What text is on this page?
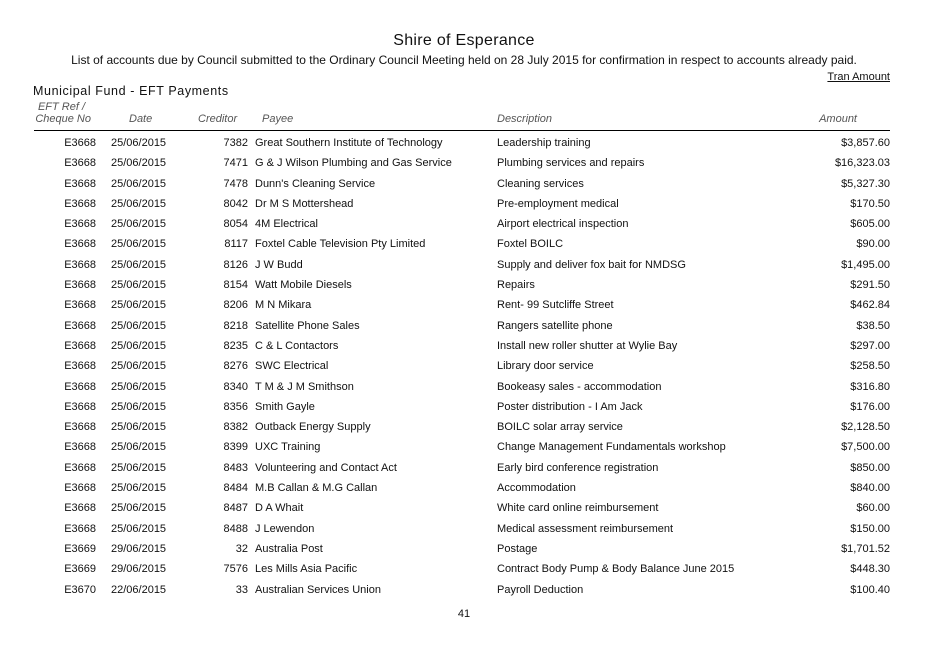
Shire of Esperance
List of accounts due by Council submitted to the Ordinary Council Meeting held on 28 July 2015 for confirmation in respect to accounts already paid.
Tran Amount
Municipal Fund - EFT Payments
EFT Ref /
Cheque No	Date	Creditor Payee	Description	Amount
E3668 25/06/2015	7382 Great Southern Institute of Technology	Leadership training	$3,857.60
E3668 25/06/2015	7471 G & J Wilson Plumbing and Gas Service	Plumbing services and repairs	$16,323.03
E3668 25/06/2015	7478 Dunn's Cleaning Service	Cleaning services	$5,327.30
E3668 25/06/2015	8042 Dr M S Mottershead	Pre-employment medical	$170.50
E3668 25/06/2015	8054 4M Electrical	Airport electrical inspection	$605.00
E3668 25/06/2015	8117 Foxtel Cable Television Pty Limited	Foxtel BOILC	$90.00
E3668 25/06/2015	8126 J W Budd	Supply and deliver fox bait for NMDSG	$1,495.00
E3668 25/06/2015	8154 Watt Mobile Diesels	Repairs	$291.50
E3668 25/06/2015	8206 M N Mikara	Rent- 99 Sutcliffe Street	$462.84
E3668 25/06/2015	8218 Satellite Phone Sales	Rangers satellite phone	$38.50
E3668 25/06/2015	8235 C & L Contactors	Install new roller shutter at Wylie Bay	$297.00
E3668 25/06/2015	8276 SWC Electrical	Library door service	$258.50
E3668 25/06/2015	8340 T M & J M Smithson	Bookeasy sales - accommodation	$316.80
E3668 25/06/2015	8356 Smith Gayle	Poster distribution - I Am Jack	$176.00
E3668 25/06/2015	8382 Outback Energy Supply	BOILC solar array service	$2,128.50
E3668 25/06/2015	8399 UXC Training	Change Management Fundamentals workshop	$7,500.00
E3668 25/06/2015	8483 Volunteering and Contact Act	Early bird conference registration	$850.00
E3668 25/06/2015	8484 M.B Callan & M.G Callan	Accommodation	$840.00
E3668 25/06/2015	8487 D A Whait	White card online reimbursement	$60.00
E3668 25/06/2015	8488 J Lewendon	Medical assessment reimbursement	$150.00
E3669 29/06/2015	32 Australia Post	Postage	$1,701.52
E3669 29/06/2015	7576 Les Mills Asia Pacific	Contract Body Pump & Body Balance June 2015	$448.30
E3670 22/06/2015	33 Australian Services Union	Payroll Deduction	$100.40
41
